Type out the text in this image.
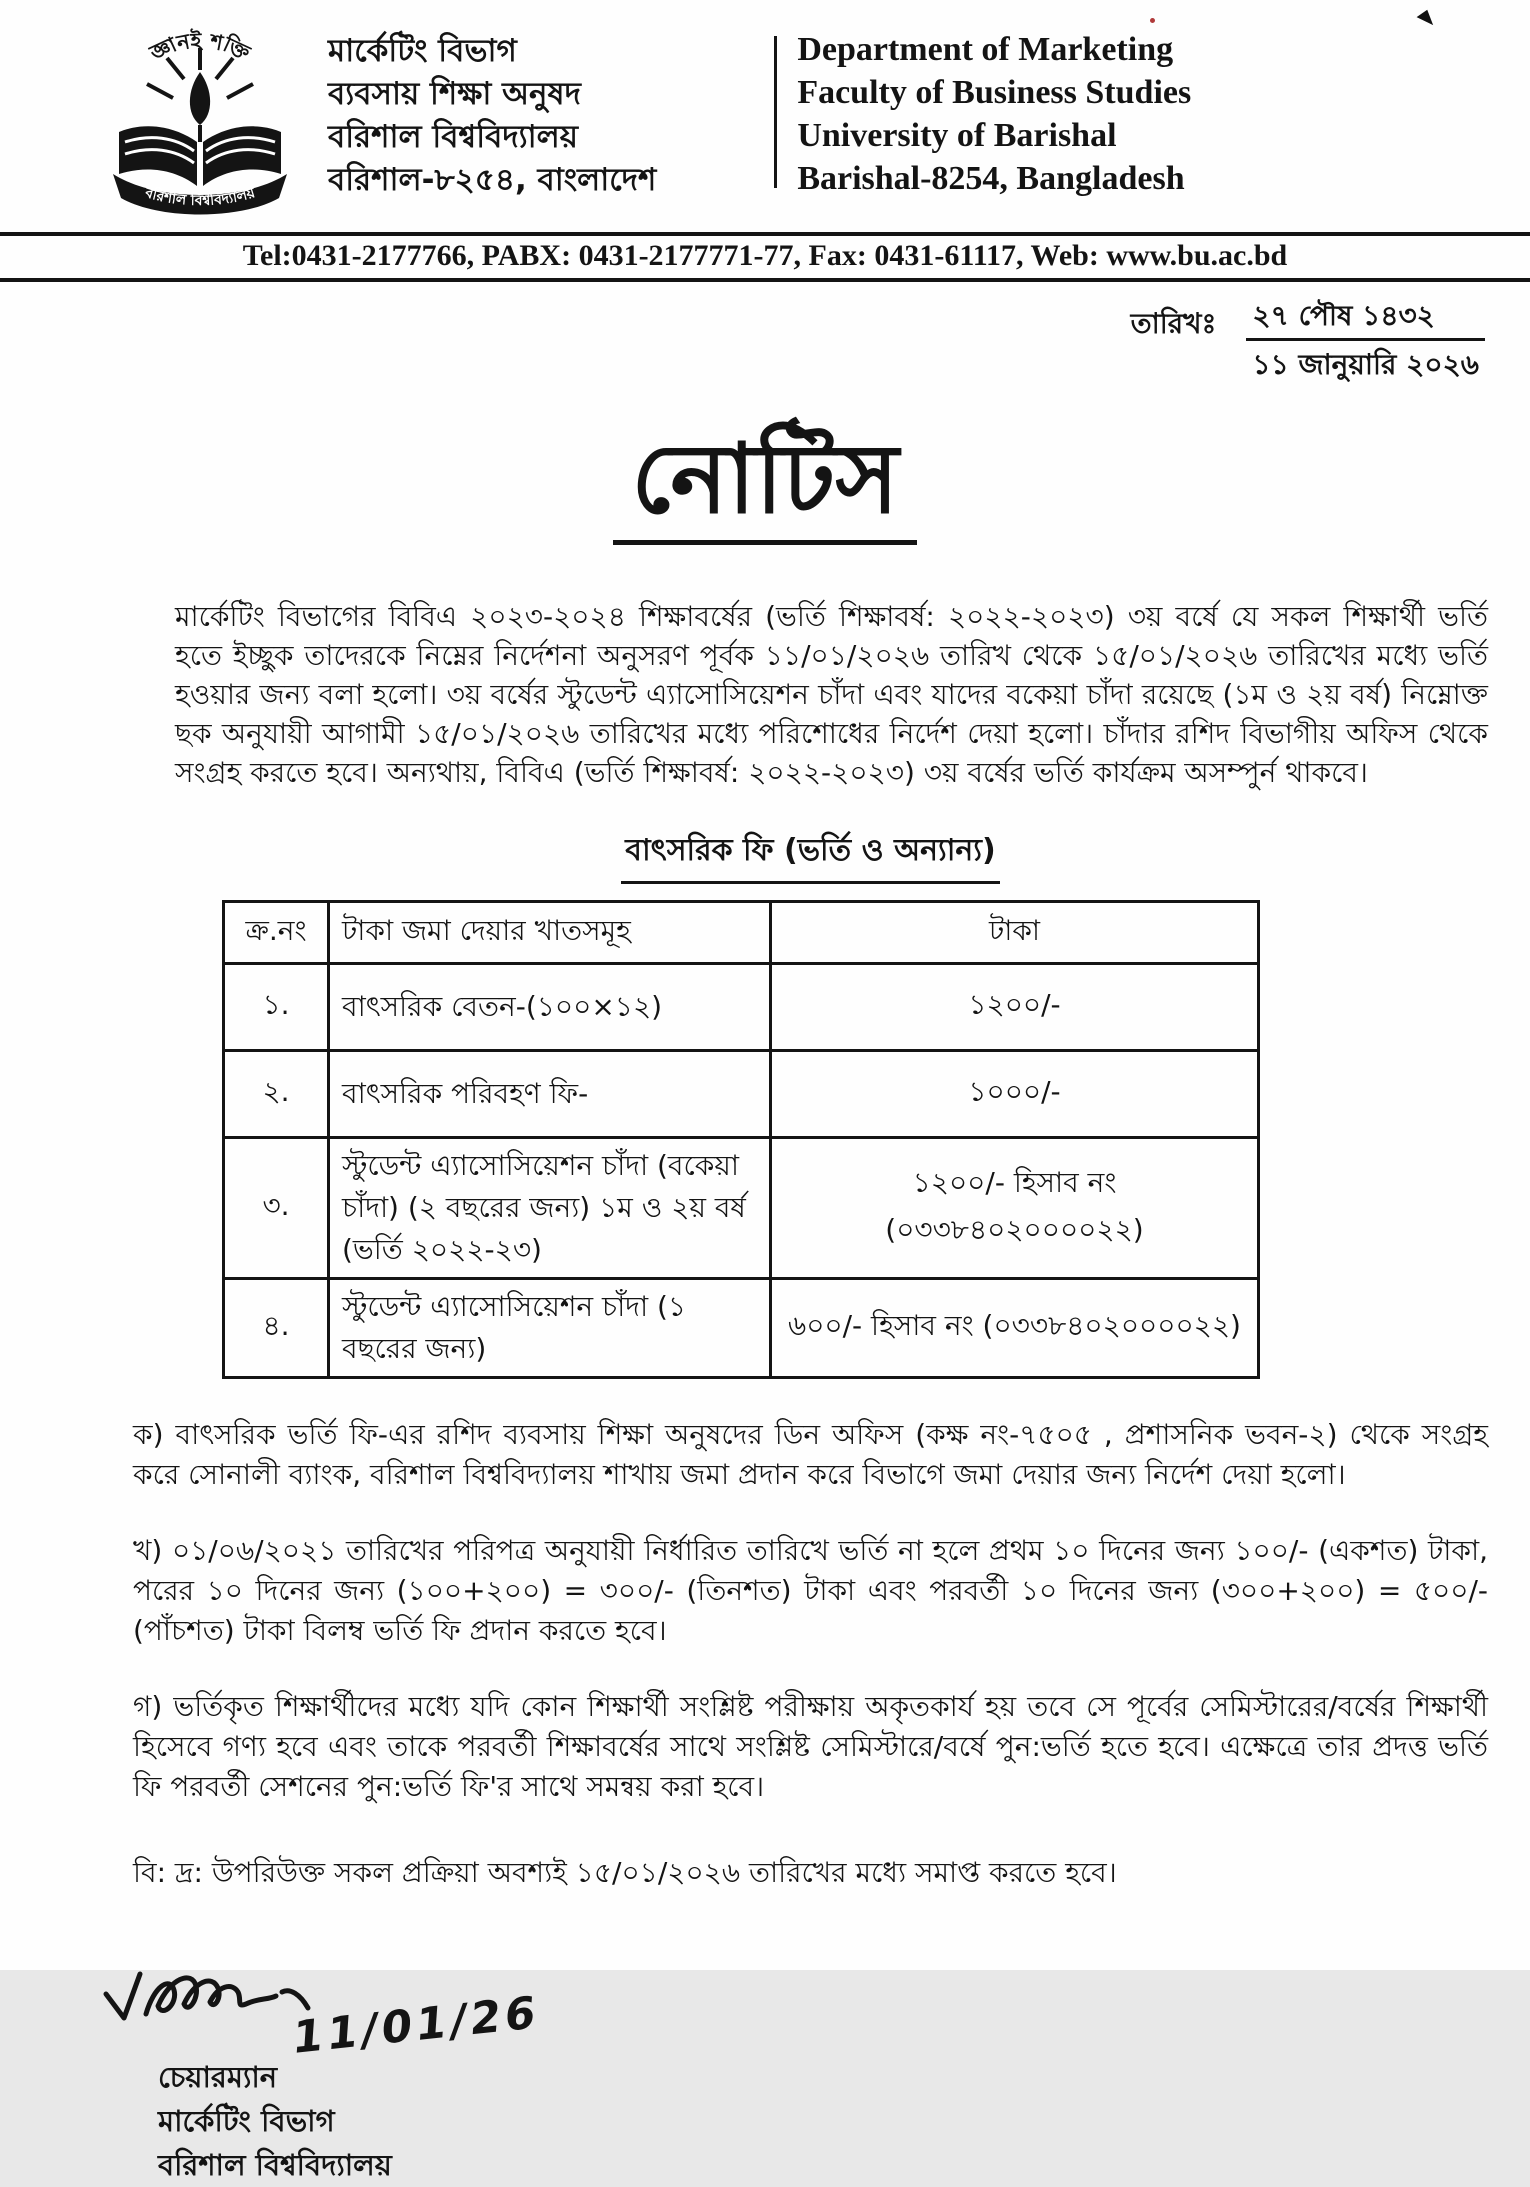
জ্ঞানই শক্তি
বরিশাল বিশ্ববিদ্যালয়
মার্কেটিং বিভাগ
ব্যবসায় শিক্ষা অনুষদ
বরিশাল বিশ্ববিদ্যালয়
বরিশাল-৮২৫৪, বাংলাদেশ
Department of Marketing
Faculty of Business Studies
University of Barishal
Barishal-8254, Bangladesh
Tel:0431-2177766, PABX: 0431-2177771-77, Fax: 0431-61117, Web: www.bu.ac.bd
তারিখঃ	২৭ পৌষ ১৪৩২
১১ জানুয়ারি ২০২৬
নোটিস

মার্কেটিং বিভাগের বিবিএ ২০২৩-২০২৪ শিক্ষাবর্ষের (ভর্তি শিক্ষাবর্ষ: ২০২২-২০২৩) ৩য় বর্ষে যে সকল শিক্ষার্থী ভর্তি হতে ইচ্ছুক তাদেরকে নিম্নের নির্দেশনা অনুসরণ পূর্বক ১১/০১/২০২৬ তারিখ থেকে ১৫/০১/২০২৬ তারিখের মধ্যে ভর্তি হওয়ার জন্য বলা হলো। ৩য় বর্ষের স্টুডেন্ট এ্যাসোসিয়েশন চাঁদা এবং যাদের বকেয়া চাঁদা রয়েছে (১ম ও ২য় বর্ষ) নিম্নোক্ত ছক অনুযায়ী আগামী ১৫/০১/২০২৬ তারিখের মধ্যে পরিশোধের নির্দেশ দেয়া হলো। চাঁদার রশিদ বিভাগীয় অফিস থেকে সংগ্রহ করতে হবে। অন্যথায়, বিবিএ (ভর্তি শিক্ষাবর্ষ: ২০২২-২০২৩) ৩য় বর্ষের ভর্তি কার্যক্রম অসম্পুর্ন থাকবে।

বাৎসরিক ফি (ভর্তি ও অন্যান্য)
ক্র.নং	টাকা জমা দেয়ার খাতসমূহ	টাকা
১.	বাৎসরিক বেতন-(১০০×১২)	১২০০/-
২.	বাৎসরিক পরিবহণ ফি-	১০০০/-
৩.	স্টুডেন্ট এ্যাসোসিয়েশন চাঁদা (বকেয়া চাঁদা) (২ বছরের জন্য) ১ম ও ২য় বর্ষ (ভর্তি ২০২২-২৩)	১২০০/- হিসাব নং (০৩৩৮৪০২০০০০২২)
৪.	স্টুডেন্ট এ্যাসোসিয়েশন চাঁদা (১ বছরের জন্য)	৬০০/- হিসাব নং (০৩৩৮৪০২০০০০২২)

ক) বাৎসরিক ভর্তি ফি-এর রশিদ ব্যবসায় শিক্ষা অনুষদের ডিন অফিস (কক্ষ নং-৭৫০৫ , প্রশাসনিক ভবন-২) থেকে সংগ্রহ করে সোনালী ব্যাংক, বরিশাল বিশ্ববিদ্যালয় শাখায় জমা প্রদান করে বিভাগে জমা দেয়ার জন্য নির্দেশ দেয়া হলো।

খ) ০১/০৬/২০২১ তারিখের পরিপত্র অনুযায়ী নির্ধারিত তারিখে ভর্তি না হলে প্রথম ১০ দিনের জন্য ১০০/- (একশত) টাকা, পরের ১০ দিনের জন্য (১০০+২০০) = ৩০০/- (তিনশত) টাকা এবং পরবর্তী ১০ দিনের জন্য (৩০০+২০০) = ৫০০/- (পাঁচশত) টাকা বিলম্ব ভর্তি ফি প্রদান করতে হবে।

গ) ভর্তিকৃত শিক্ষার্থীদের মধ্যে যদি কোন শিক্ষার্থী সংশ্লিষ্ট পরীক্ষায় অকৃতকার্য হয় তবে সে পূর্বের সেমিস্টারের/বর্ষের শিক্ষার্থী হিসেবে গণ্য হবে এবং তাকে পরবর্তী শিক্ষাবর্ষের সাথে সংশ্লিষ্ট সেমিস্টারে/বর্ষে পুন:ভর্তি হতে হবে। এক্ষেত্রে তার প্রদত্ত ভর্তি ফি পরবর্তী সেশনের পুন:ভর্তি ফি'র সাথে সমন্বয় করা হবে।

বি: দ্র: উপরিউক্ত সকল প্রক্রিয়া অবশ্যই ১৫/০১/২০২৬ তারিখের মধ্যে সমাপ্ত করতে হবে।

11/01/26
চেয়ারম্যান
মার্কেটিং বিভাগ
বরিশাল বিশ্ববিদ্যালয়
